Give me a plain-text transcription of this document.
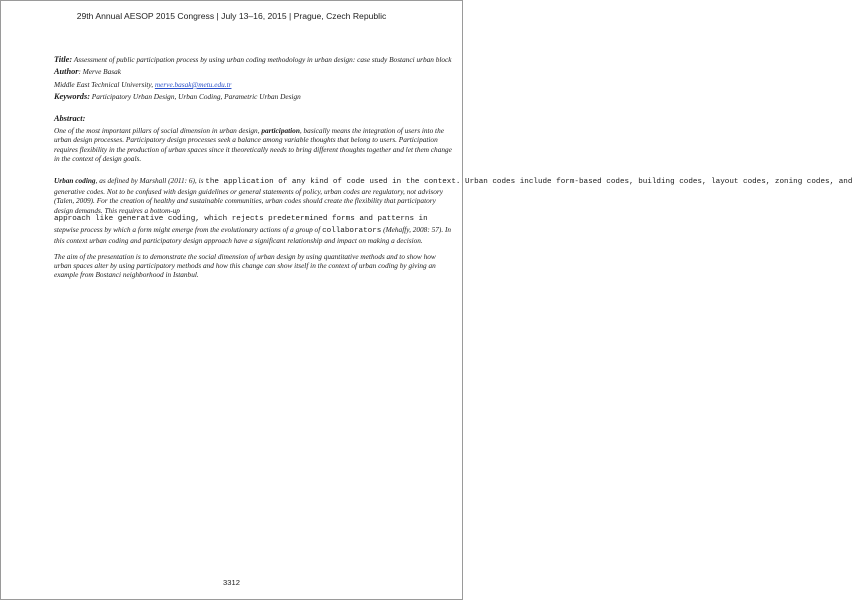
29th Annual AESOP 2015 Congress | July 13–16, 2015 | Prague, Czech Republic

Title: Assessment of public participation process by using urban coding methodology in urban design: case study Bostanci urban block

Author: Merve Basak

Middle East Technical University, merve.basak@metu.edu.tr

Keywords: Participatory Urban Design, Urban Coding, Parametric Urban Design

Abstract:

One of the most important pillars of social dimension in urban design, participation, basically means the integration of users into the urban design processes. Participatory design processes seek a balance among variable thoughts that belong to users. Participation requires flexibility in the production of urban spaces since it theoretically needs to bring different thoughts together and let them change in the context of design goals.

Urban coding, as defined by Marshall (2011: 6), is the application of any kind of code used in the context. Urban codes include form-based codes, building codes, layout codes, zoning codes, and
generative codes. Not to be confused with design guidelines or general statements of policy, urban codes are regulatory, not advisory (Talen, 2009). For the creation of healthy and sustainable communities, urban codes should create the flexibility that participatory design demands. This requires a bottom-up
approach like generative coding, which rejects predetermined forms and patterns in
stepwise process by which a form might emerge from the evolutionary actions of a group of collaborators (Mehaffy, 2008: 57). In this context urban coding and participatory design approach have a significant relationship and impact on making a decision.

The aim of the presentation is to demonstrate the social dimension of urban design by using quantitative methods and to show how urban spaces alter by using participatory methods and how this change can show itself in the context of urban coding by giving an example from Bostanci neighborhood in Istanbul.

3312
